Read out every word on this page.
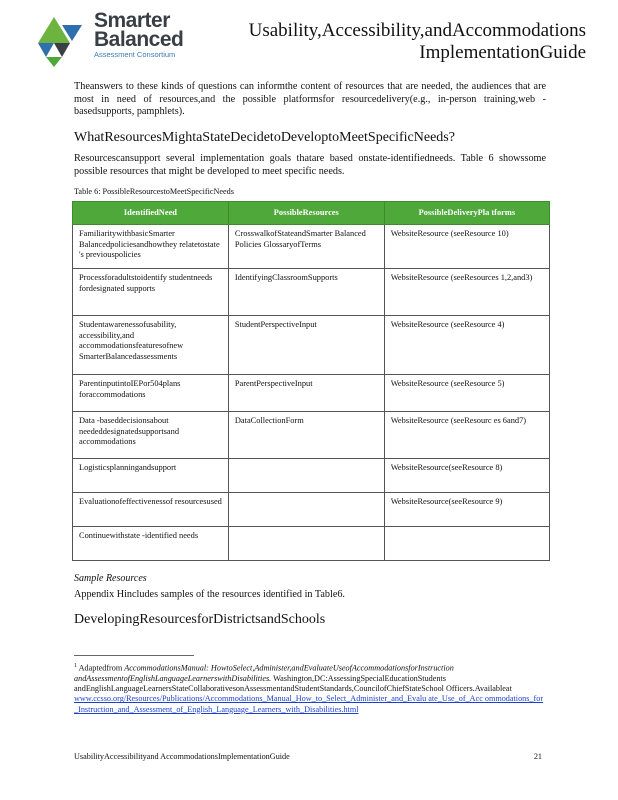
Smarter
Balanced
Assessment Consortium
Usability,Accessibility,andAccommodations
ImplementationGuide

Theanswers to these kinds of questions can informthe content of resources that are needed, the audiences that are most in need of resources,and the possible platformsfor resourcedelivery(e.g., in-person training,web -basedsupports, pamphlets).

WhatResourcesMightaStateDecidetoDeveloptoMeetSpecificNeeds?

Resourcescansupport several implementation goals thatare based onstate-identifiedneeds. Table 6 showssome possible resources that might be developed to meet specific needs.

Table 6: PossibleResourcestoMeetSpecificNeeds
IdentifiedNeed	PossibleResources	PossibleDeliveryPla tforms
FamiliaritywithbasicSmarter Balancedpoliciesandhowthey relatetostate 's previouspolicies	CrosswalkofStateandSmarter Balanced Policies GlossaryofTerms	WebsiteResource (seeResource 10)
Processforadultstoidentify studentneeds fordesignated supports	IdentifyingClassroomSupports	WebsiteResource (seeResources 1,2,and3)
Studentawarenessofusability, accessibility,and accommodationsfeaturesofnew SmarterBalancedassessments	StudentPerspectiveInput	WebsiteResource (seeResource 4)
ParentinputintoIEPor504plans foraccommodations	ParentPerspectiveInput	WebsiteResource (seeResource 5)
Data -baseddecisionsabout neededdesignatedsupportsand accommodations	DataCollectionForm	WebsiteResource (seeResourc es 6and7)
Logisticsplanningandsupport		WebsiteResource(seeResource 8)
Evaluationofeffectivenessof resourcesused		WebsiteResource(seeResource 9)
Continuewithstate -identified needs		
Sample Resources
Appendix Hincludes samples of the resources identified in Table6.
DevelopingResourcesforDistrictsandSchools
$^1$ Adaptedfrom AccommodationsManual: HowtoSelect,Administer,andEvaluateUseofAccommodationsforInstruction andAssessmentofEnglishLanguageLearnerswithDisabilities. Washington,DC:AssessingSpecialEducationStudents andEnglishLanguageLearnersStateCollaborativesonAssessmentandStudentStandards,CouncilofChiefStateSchool Officers.Availableat
www.ccsso.org/Resources/Publications/Accommodations_Manual_How_to_Select_Administer_and_Evalu ate_Use_of_Acc ommodations_for_Instruction_and_Assessment_of_English_Language_Learners_with_Disabilities.html
UsabilityAccessibilityand AccommodationsImplementationGuide	21
